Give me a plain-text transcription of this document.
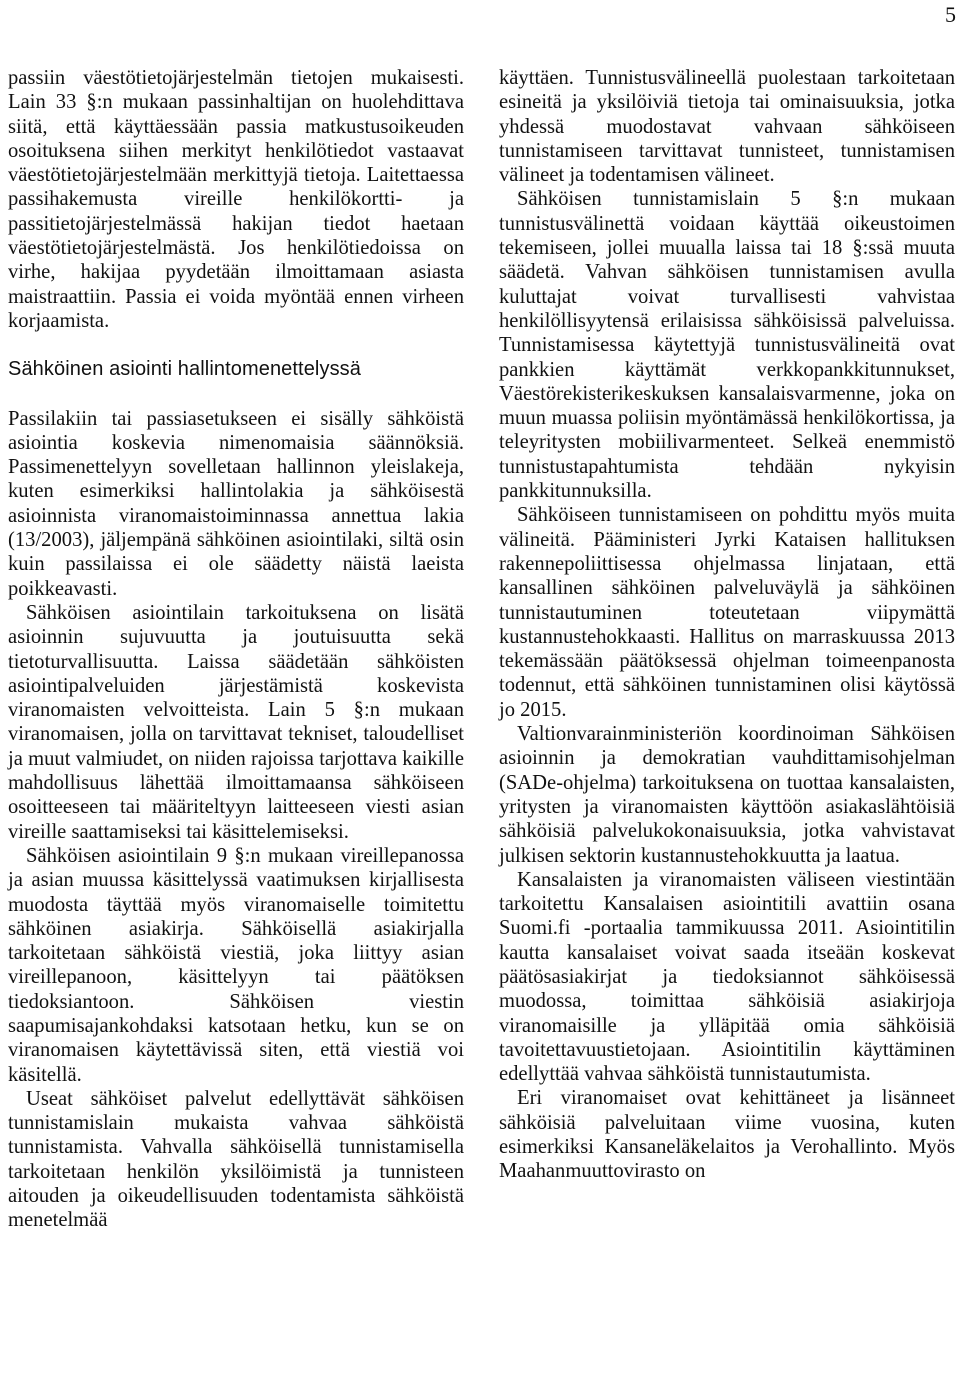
5

passiin väestötietojärjestelmän tietojen mukaisesti. Lain 33 §:n mukaan passinhaltijan on huolehdittava siitä, että käyttäessään passia matkustusoikeuden osoituksena siihen merkityt henkilötiedot vastaavat väestötietojärjestelmään merkittyjä tietoja. Laitettaessa passihakemusta vireille henkilökortti- ja passitietojärjestelmässä hakijan tiedot haetaan väestötietojärjestelmästä. Jos henkilötiedoissa on virhe, hakijaa pyydetään ilmoittamaan asiasta maistraattiin. Passia ei voida myöntää ennen virheen korjaamista.

Sähköinen asiointi hallintomenettelyssä

Passilakiin tai passiasetukseen ei sisälly sähköistä asiointia koskevia nimenomaisia säännöksiä. Passimenettelyyn sovelletaan hallinnon yleislakeja, kuten esimerkiksi hallintolakia ja sähköisestä asioinnista viranomaistoiminnassa annettua lakia (13/2003), jäljempänä sähköinen asiointilaki, siltä osin kuin passilaissa ei ole säädetty näistä laeista poikkeavasti.

Sähköisen asiointilain tarkoituksena on lisätä asioinnin sujuvuutta ja joutuisuutta sekä tietoturvallisuutta. Laissa säädetään sähköisten asiointipalveluiden järjestämistä koskevista viranomaisten velvoitteista. Lain 5 §:n mukaan viranomaisen, jolla on tarvittavat tekniset, taloudelliset ja muut valmiudet, on niiden rajoissa tarjottava kaikille mahdollisuus lähettää ilmoittamaansa sähköiseen osoitteeseen tai määriteltyyn laitteeseen viesti asian vireille saattamiseksi tai käsittelemiseksi.

Sähköisen asiointilain 9 §:n mukaan vireillepanossa ja asian muussa käsittelyssä vaatimuksen kirjallisesta muodosta täyttää myös viranomaiselle toimitettu sähköinen asiakirja. Sähköisellä asiakirjalla tarkoitetaan sähköistä viestiä, joka liittyy asian vireillepanoon, käsittelyyn tai päätöksen tiedoksiantoon. Sähköisen viestin saapumisajankohdaksi katsotaan hetku, kun se on viranomaisen käytettävissä siten, että viestiä voi käsitellä.

Useat sähköiset palvelut edellyttävät sähköisen tunnistamislain mukaista vahvaa sähköistä tunnistamista. Vahvalla sähköisellä tunnistamisella tarkoitetaan henkilön yksilöimistä ja tunnisteen aitouden ja oikeudellisuuden todentamista sähköistä menetelmää

käyttäen. Tunnistusvälineellä puolestaan tarkoitetaan esineitä ja yksilöiviä tietoja tai ominaisuuksia, jotka yhdessä muodostavat vahvaan sähköiseen tunnistamiseen tarvittavat tunnisteet, tunnistamisen välineet ja todentamisen välineet.

Sähköisen tunnistamislain 5 §:n mukaan tunnistusvälinettä voidaan käyttää oikeustoimen tekemiseen, jollei muualla laissa tai 18 §:ssä muuta säädetä. Vahvan sähköisen tunnistamisen avulla kuluttajat voivat turvallisesti vahvistaa henkilöllisyytensä erilaisissa sähköisissä palveluissa. Tunnistamisessa käytettyjä tunnistusvälineitä ovat pankkien käyttämät verkkopankkitunnukset, Väestörekisterikeskuksen kansalaisvarmenne, joka on muun muassa poliisin myöntämässä henkilökortissa, ja teleyritysten mobiilivarmenteet. Selkeä enemmistö tunnistustapahtumista tehdään nykyisin pankkitunnuksilla.

Sähköiseen tunnistamiseen on pohdittu myös muita välineitä. Pääministeri Jyrki Kataisen hallituksen rakennepoliittisessa ohjelmassa linjataan, että kansallinen sähköinen palveluväylä ja sähköinen tunnistautuminen toteutetaan viipymättä kustannustehokkaasti. Hallitus on marraskuussa 2013 tekemässään päätöksessä ohjelman toimeenpanosta todennut, että sähköinen tunnistaminen olisi käytössä jo 2015.

Valtionvarainministeriön koordinoiman Sähköisen asioinnin ja demokratian vauhdittamisohjelman (SADe-ohjelma) tarkoituksena on tuottaa kansalaisten, yritysten ja viranomaisten käyttöön asiakaslähtöisiä sähköisiä palvelukokonaisuuksia, jotka vahvistavat julkisen sektorin kustannustehokkuutta ja laatua.

Kansalaisten ja viranomaisten väliseen viestintään tarkoitettu Kansalaisen asiointitili avattiin osana Suomi.fi -portaalia tammikuussa 2011. Asiointitilin kautta kansalaiset voivat saada itseään koskevat päätösasiakirjat ja tiedoksiannot sähköisessä muodossa, toimittaa sähköisiä asiakirjoja viranomaisille ja ylläpitää omia sähköisiä tavoitettavuustietojaan. Asiointitilin käyttäminen edellyttää vahvaa sähköistä tunnistautumista.

Eri viranomaiset ovat kehittäneet ja lisänneet sähköisiä palveluitaan viime vuosina, kuten esimerkiksi Kansaneläkelaitos ja Verohallinto. Myös Maahanmuuttovirasto on
